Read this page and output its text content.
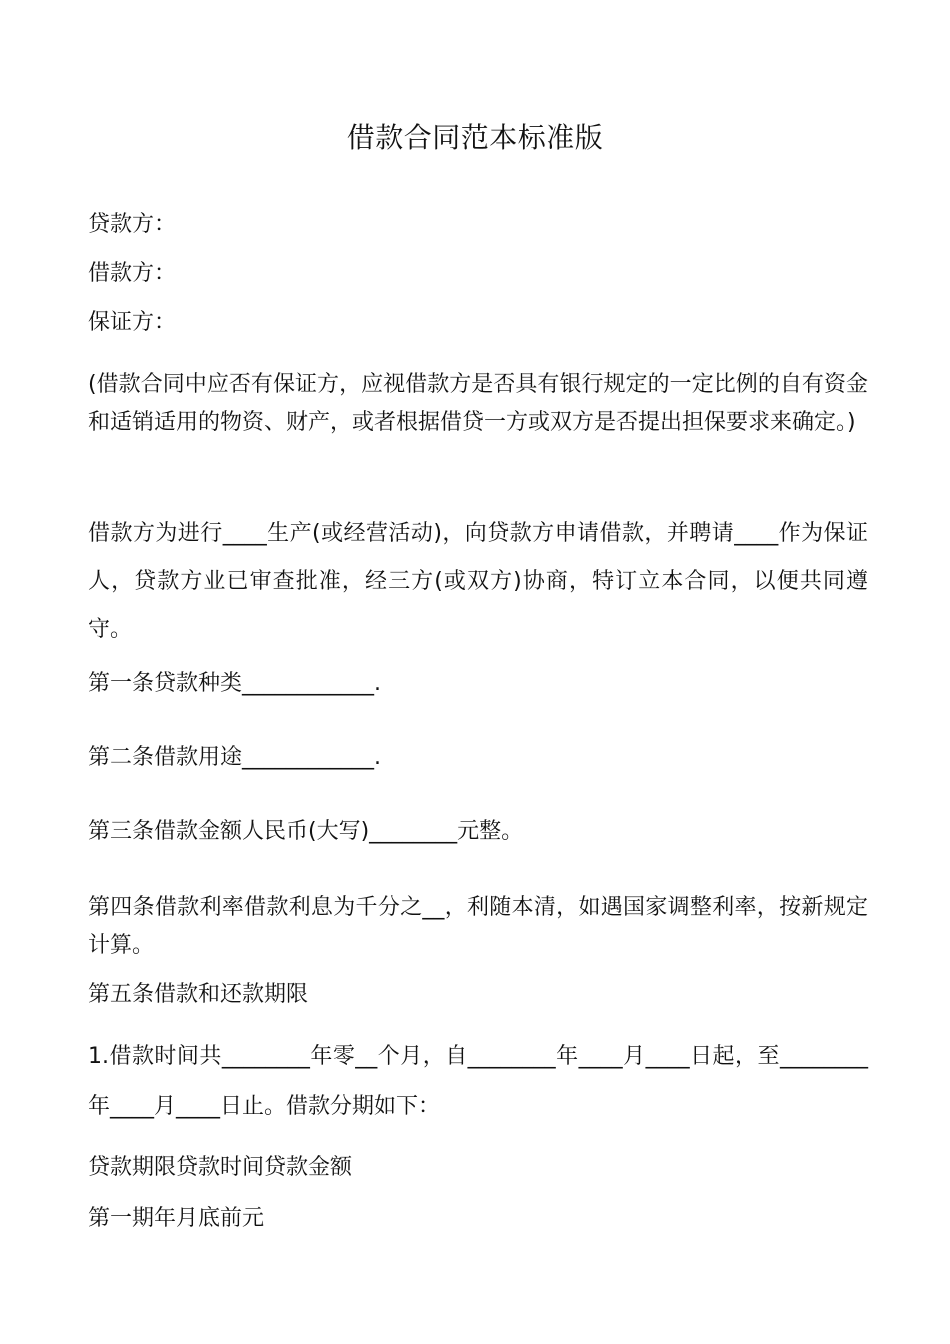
借款合同范本标准版
贷款方：
借款方：
保证方：
(借款合同中应否有保证方，应视借款方是否具有银行规定的一定比例的自有资金和适销适用的物资、财产，或者根据借贷一方或双方是否提出担保要求来确定。)
借款方为进行____生产(或经营活动)，向贷款方申请借款，并聘请____作为保证人，贷款方业已审查批准，经三方(或双方)协商，特订立本合同，以便共同遵守。
第一条贷款种类____________.
第二条借款用途____________.
第三条借款金额人民币(大写)________元整。
第四条借款利率借款利息为千分之__，利随本清，如遇国家调整利率，按新规定计算。
第五条借款和还款期限
1.借款时间共________年零__个月，自________年____月____日起，至________年____月____日止。借款分期如下：
贷款期限贷款时间贷款金额
第一期年月底前元
